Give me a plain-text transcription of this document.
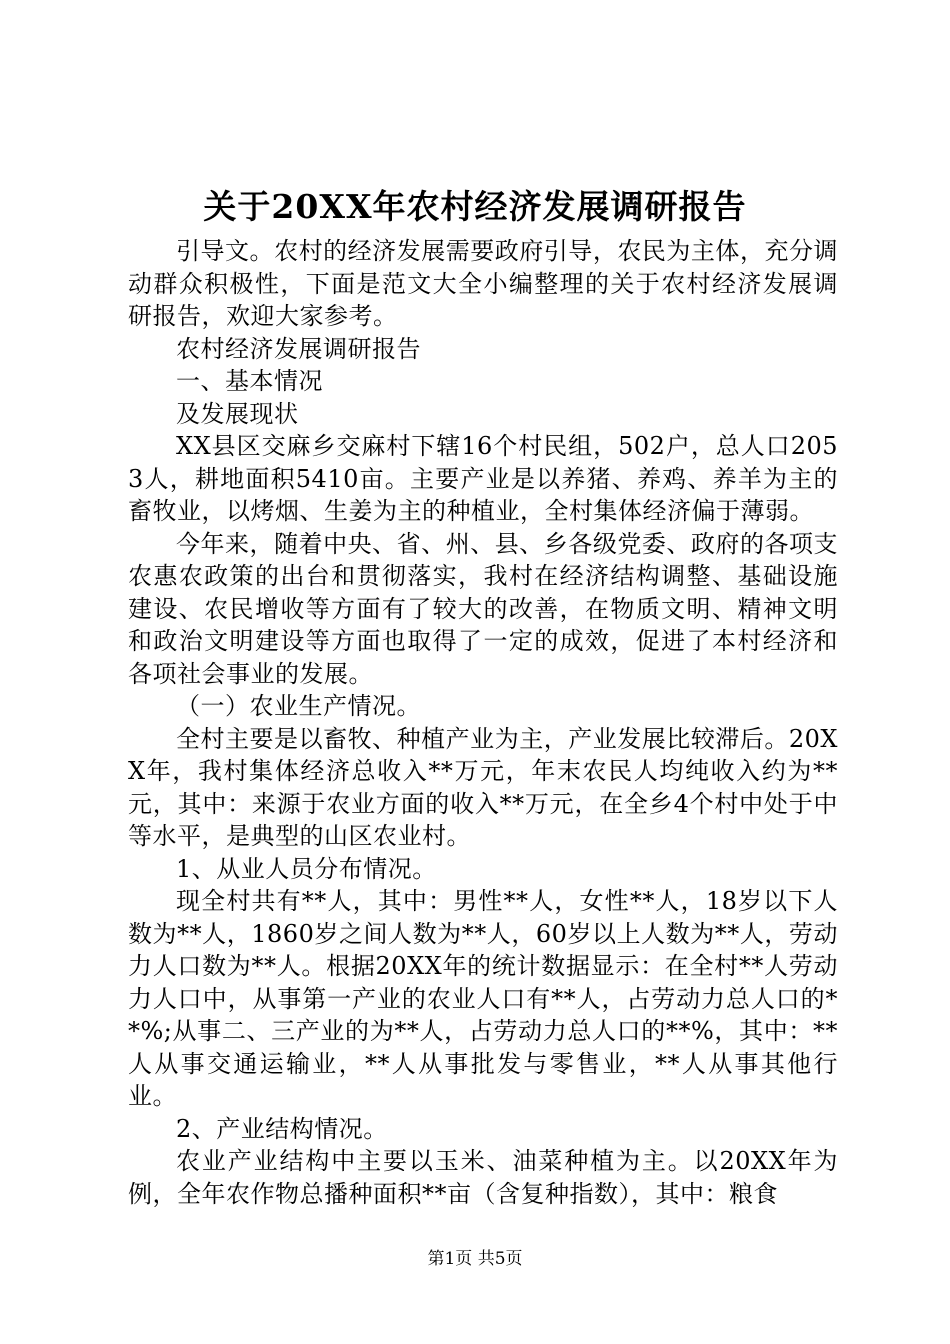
关于20XX年农村经济发展调研报告

引导文。农村的经济发展需要政府引导，农民为主体，充分调动群众积极性，下面是范文大全小编整理的关于农村经济发展调研报告，欢迎大家参考。

农村经济发展调研报告

一、基本情况

及发展现状

XX县区交麻乡交麻村下辖16个村民组，502户，总人口2053人，耕地面积5410亩。主要产业是以养猪、养鸡、养羊为主的畜牧业，以烤烟、生姜为主的种植业，全村集体经济偏于薄弱。

今年来，随着中央、省、州、县、乡各级党委、政府的各项支农惠农政策的出台和贯彻落实，我村在经济结构调整、基础设施建设、农民增收等方面有了较大的改善，在物质文明、精神文明和政治文明建设等方面也取得了一定的成效，促进了本村经济和各项社会事业的发展。

（一）农业生产情况。

全村主要是以畜牧、种植产业为主，产业发展比较滞后。20XX年，我村集体经济总收入**万元，年末农民人均纯收入约为**元，其中：来源于农业方面的收入**万元，在全乡4个村中处于中等水平，是典型的山区农业村。

1、从业人员分布情况。

现全村共有**人，其中：男性**人，女性**人，18岁以下人数为**人，1860岁之间人数为**人，60岁以上人数为**人，劳动力人口数为**人。根据20XX年的统计数据显示：在全村**人劳动力人口中，从事第一产业的农业人口有**人，占劳动力总人口的**%;从事二、三产业的为**人，占劳动力总人口的**%，其中：**人从事交通运输业，**人从事批发与零售业，**人从事其他行业。

2、产业结构情况。

农业产业结构中主要以玉米、油菜种植为主。以20XX年为例，全年农作物总播种面积**亩（含复种指数），其中：粮食

第1页 共5页
